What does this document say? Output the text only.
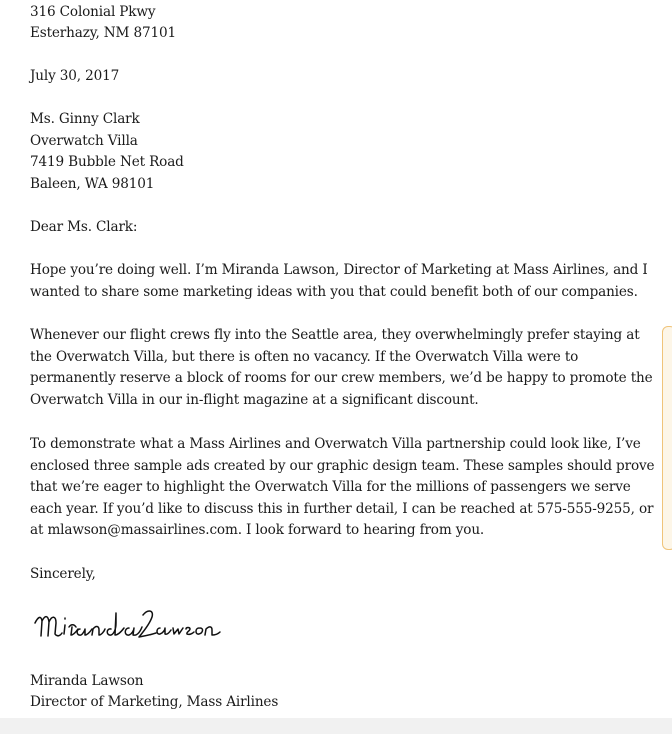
316 Colonial Pkwy
Esterhazy, NM 87101
July 30, 2017
Ms. Ginny Clark
Overwatch Villa
7419 Bubble Net Road
Baleen, WA 98101
Dear Ms. Clark:
Hope you’re doing well. I’m Miranda Lawson, Director of Marketing at Mass Airlines, and I
wanted to share some marketing ideas with you that could benefit both of our companies.
Whenever our flight crews fly into the Seattle area, they overwhelmingly prefer staying at
the Overwatch Villa, but there is often no vacancy. If the Overwatch Villa were to
permanently reserve a block of rooms for our crew members, we’d be happy to promote the
Overwatch Villa in our in-flight magazine at a significant discount.
To demonstrate what a Mass Airlines and Overwatch Villa partnership could look like, I’ve
enclosed three sample ads created by our graphic design team. These samples should prove
that we’re eager to highlight the Overwatch Villa for the millions of passengers we serve
each year. If you’d like to discuss this in further detail, I can be reached at 575-555-9255, or
at mlawson@massairlines.com. I look forward to hearing from you.
Sincerely,
Miranda Lawson
Director of Marketing, Mass Airlines
